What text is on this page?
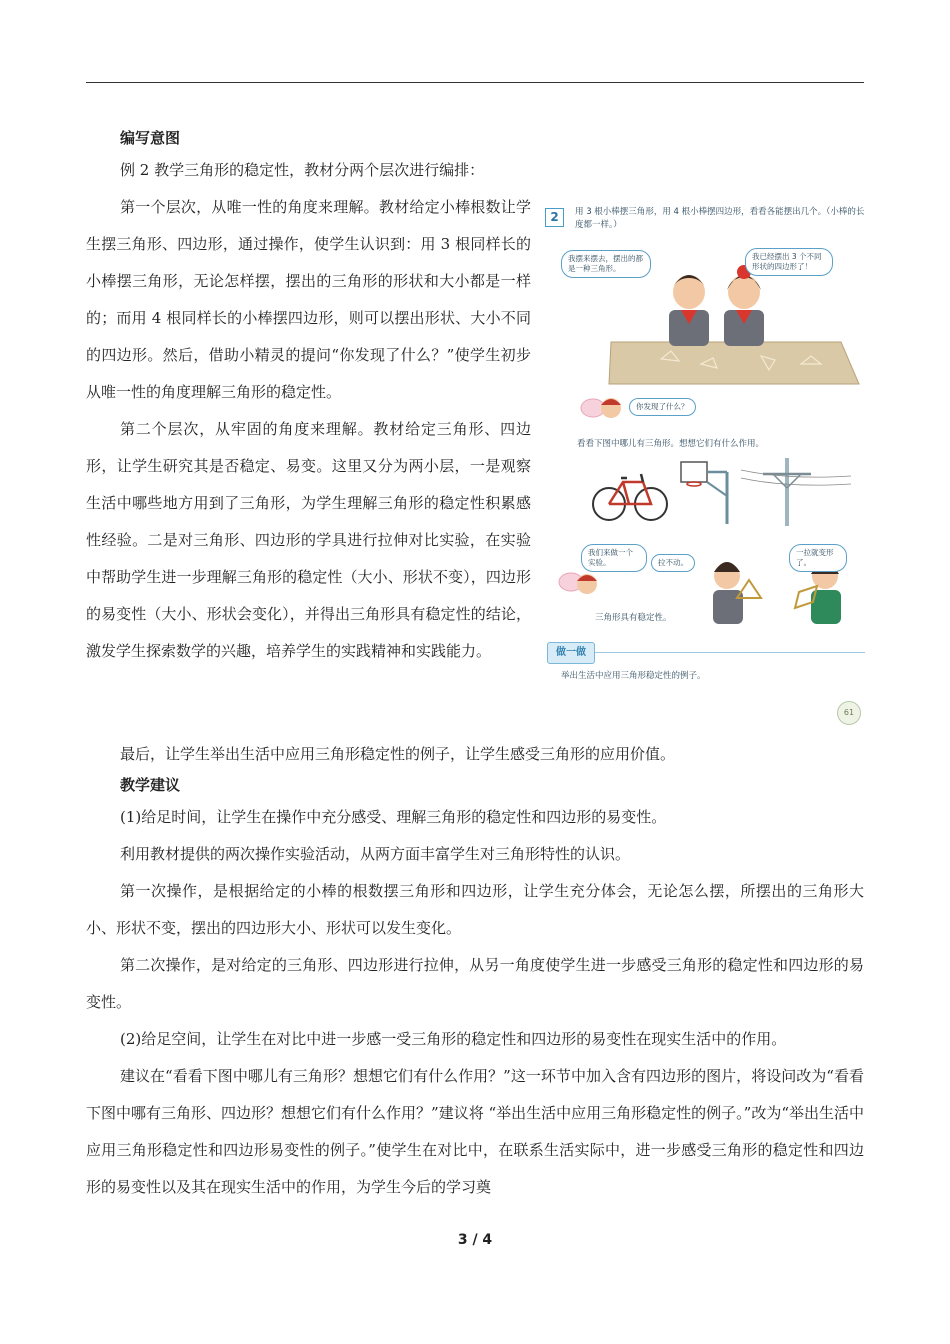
编写意图

例 2 教学三角形的稳定性，教材分两个层次进行编排：

第一个层次，从唯一性的角度来理解。教材给定小棒根数让学生摆三角形、四边形，通过操作，使学生认识到：用 3 根同样长的小棒摆三角形，无论怎样摆，摆出的三角形的形状和大小都是一样的；而用 4 根同样长的小棒摆四边形，则可以摆出形状、大小不同的四边形。然后，借助小精灵的提问“你发现了什么？”使学生初步从唯一性的角度理解三角形的稳定性。

第二个层次，从牢固的角度来理解。教材给定三角形、四边形，让学生研究其是否稳定、易变。这里又分为两小层，一是观察生活中哪些地方用到了三角形，为学生理解三角形的稳定性积累感性经验。二是对三角形、四边形的学具进行拉伸对比实验，在实验中帮助学生进一步理解三角形的稳定性（大小、形状不变），四边形的易变性（大小、形状会变化），并得出三角形具有稳定性的结论，激发学生探索数学的兴趣，培养学生的实践精神和实践能力。

最后，让学生举出生活中应用三角形稳定性的例子，让学生感受三角形的应用价值。

教学建议

(1)给足时间，让学生在操作中充分感受、理解三角形的稳定性和四边形的易变性。

利用教材提供的两次操作实验活动，从两方面丰富学生对三角形特性的认识。

第一次操作，是根据给定的小棒的根数摆三角形和四边形，让学生充分体会，无论怎么摆，所摆出的三角形大小、形状不变，摆出的四边形大小、形状可以发生变化。

第二次操作，是对给定的三角形、四边形进行拉伸，从另一角度使学生进一步感受三角形的稳定性和四边形的易变性。

(2)给足空间，让学生在对比中进一步感一受三角形的稳定性和四边形的易变性在现实生活中的作用。

建议在“看看下图中哪儿有三角形？想想它们有什么作用？”这一环节中加入含有四边形的图片，将设问改为“看看下图中哪有三角形、四边形？想想它们有什么作用？”建议将 “举出生活中应用三角形稳定性的例子。”改为“举出生活中应用三角形稳定性和四边形易变性的例子。”使学生在对比中，在联系生活实际中，进一步感受三角形的稳定性和四边形的易变性以及其在现实生活中的作用，为学生今后的学习奠

2	用 3 根小棒摆三角形，用 4 根小棒摆四边形，看看各能摆出几个。（小棒的长度都一样。）
我摆来摆去，摆出的都是一种三角形。
我已经摆出 3 个不同形状的四边形了！
你发现了什么？
看看下图中哪儿有三角形。想想它们有什么作用。
我们来做一个实验。	拉不动。
一拉就变形了。
三角形具有稳定性。
做一做
举出生活中应用三角形稳定性的例子。
61
3 / 4
